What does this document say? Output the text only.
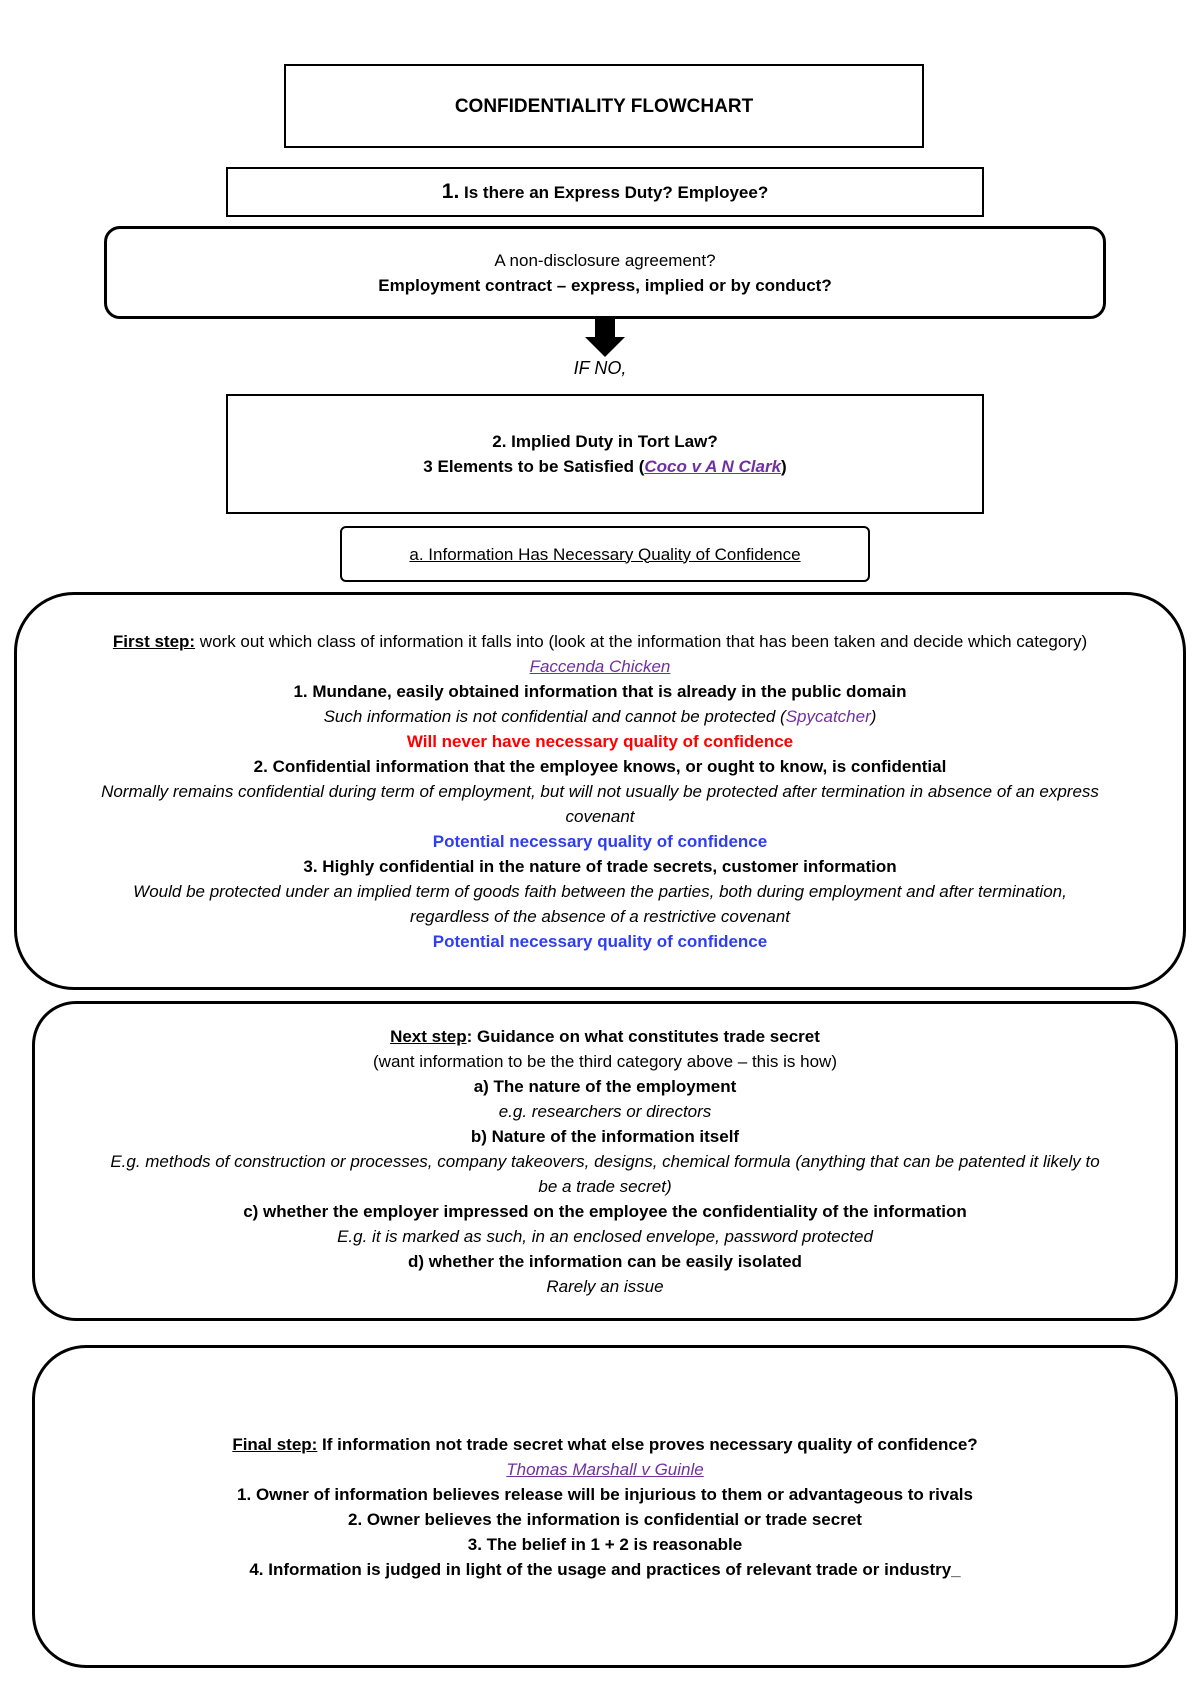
CONFIDENTIALITY FLOWCHART
1. Is there an Express Duty? Employee?
A non-disclosure agreement?
Employment contract – express, implied or by conduct?
IF NO,
2. Implied Duty in Tort Law?
3 Elements to be Satisfied (Coco v A N Clark)
a. Information Has Necessary Quality of Confidence
First step: work out which class of information it falls into (look at the information that has been taken and decide which category)
Faccenda Chicken
1. Mundane, easily obtained information that is already in the public domain
Such information is not confidential and cannot be protected (Spycatcher)
Will never have necessary quality of confidence
2. Confidential information that the employee knows, or ought to know, is confidential
Normally remains confidential during term of employment, but will not usually be protected after termination in absence of an express
covenant
Potential necessary quality of confidence
3. Highly confidential in the nature of trade secrets, customer information
Would be protected under an implied term of goods faith between the parties, both during employment and after termination,
regardless of the absence of a restrictive covenant
Potential necessary quality of confidence
Next step: Guidance on what constitutes trade secret
(want information to be the third category above – this is how)
a) The nature of the employment
e.g. researchers or directors
b) Nature of the information itself
E.g. methods of construction or processes, company takeovers, designs, chemical formula (anything that can be patented it likely to
be a trade secret)
c) whether the employer impressed on the employee the confidentiality of the information
E.g. it is marked as such, in an enclosed envelope, password protected
d) whether the information can be easily isolated
Rarely an issue
Final step: If information not trade secret what else proves necessary quality of confidence?
Thomas Marshall v Guinle
1. Owner of information believes release will be injurious to them or advantageous to rivals
2. Owner believes the information is confidential or trade secret
3. The belief in 1 + 2 is reasonable
4. Information is judged in light of the usage and practices of relevant trade or industry_
